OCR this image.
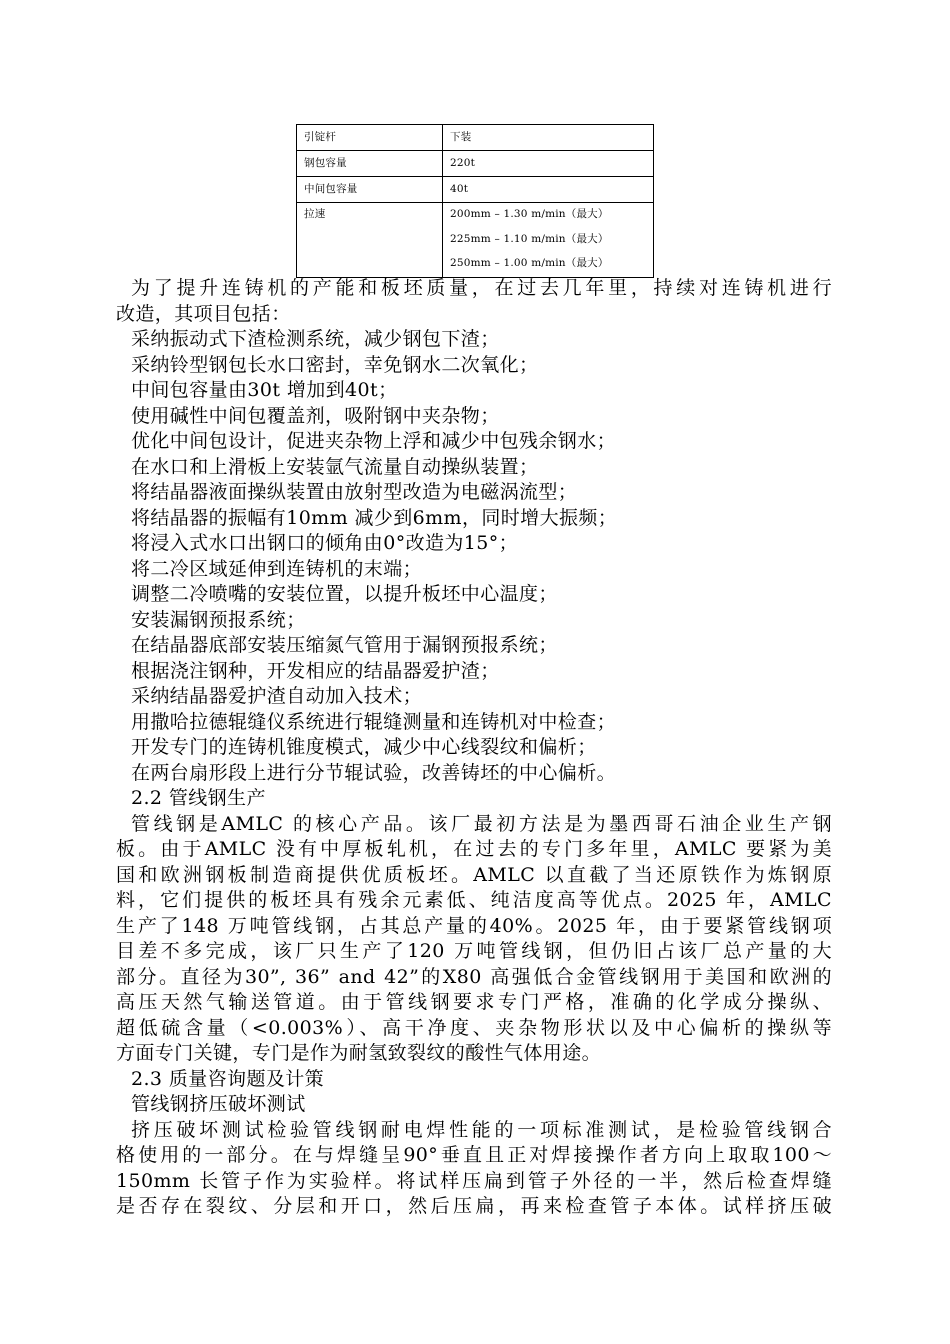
引锭杆	下装
钢包容量	220t
中间包容量	40t

拉速	200mm – 1.30 m/min（最大）
225mm – 1.10 m/min（最大）
250mm – 1.00 m/min（最大）

为了提升连铸机的产能和板坯质量，在过去几年里，持续对连铸机进行

改造，其项目包括：

采纳振动式下渣检测系统，减少钢包下渣；

采纳铃型钢包长水口密封，幸免钢水二次氧化；

中间包容量由30t 增加到40t；

使用碱性中间包覆盖剂，吸附钢中夹杂物；

优化中间包设计，促进夹杂物上浮和减少中包残余钢水；

在水口和上滑板上安装氩气流量自动操纵装置；

将结晶器液面操纵装置由放射型改造为电磁涡流型；

将结晶器的振幅有10mm 减少到6mm，同时增大振频；

将浸入式水口出钢口的倾角由0°改造为15°；

将二冷区域延伸到连铸机的末端；

调整二冷喷嘴的安装位置，以提升板坯中心温度；

安装漏钢预报系统；

在结晶器底部安装压缩氮气管用于漏钢预报系统；

根据浇注钢种，开发相应的结晶器爱护渣；

采纳结晶器爱护渣自动加入技术；

用撒哈拉德辊缝仪系统进行辊缝测量和连铸机对中检查；

开发专门的连铸机锥度模式，减少中心线裂纹和偏析；

在两台扇形段上进行分节辊试验，改善铸坯的中心偏析。

2.2 管线钢生产

管线钢是AMLC 的核心产品。该厂最初方法是为墨西哥石油企业生产钢

板。由于AMLC 没有中厚板轧机，在过去的专门多年里，AMLC 要紧为美

国和欧洲钢板制造商提供优质板坯。AMLC 以直截了当还原铁作为炼钢原

料，它们提供的板坯具有残余元素低、纯洁度高等优点。2025 年，AMLC

生产了148 万吨管线钢，占其总产量的40%。2025 年，由于要紧管线钢项

目差不多完成，该厂只生产了120 万吨管线钢，但仍旧占该厂总产量的大

部分。直径为30”, 36” and 42”的X80 高强低合金管线钢用于美国和欧洲的

高压天然气输送管道。由于管线钢要求专门严格，准确的化学成分操纵、

超低硫含量（<0.003%）、高干净度、夹杂物形状以及中心偏析的操纵等

方面专门关键，专门是作为耐氢致裂纹的酸性气体用途。

2.3 质量咨询题及计策

管线钢挤压破坏测试

挤压破坏测试检验管线钢耐电焊性能的一项标准测试，是检验管线钢合

格使用的一部分。在与焊缝呈90°垂直且正对焊接操作者方向上取取100～

150mm 长管子作为实验样。将试样压扁到管子外径的一半，然后检查焊缝

是否存在裂纹、分层和开口，然后压扁，再来检查管子本体。试样挤压破
